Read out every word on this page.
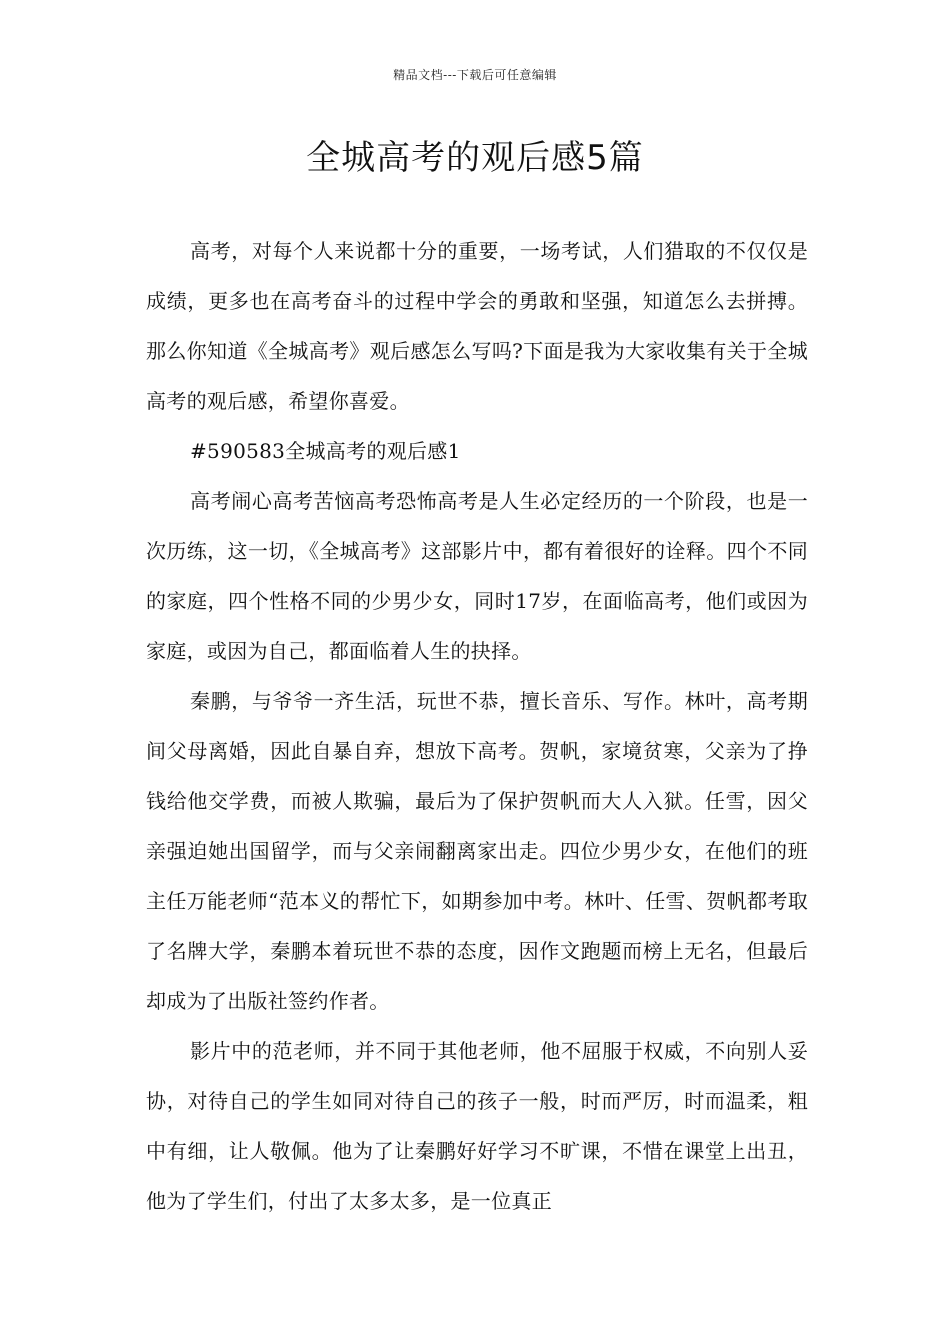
精品文档---下载后可任意编辑
全城高考的观后感5篇

高考，对每个人来说都十分的重要，一场考试，人们猎取的不仅仅是成绩，更多也在高考奋斗的过程中学会的勇敢和坚强，知道怎么去拼搏。那么你知道《全城高考》观后感怎么写吗?下面是我为大家收集有关于全城高考的观后感，希望你喜爱。

#590583全城高考的观后感1

高考闹心高考苦恼高考恐怖高考是人生必定经历的一个阶段，也是一次历练，这一切，《全城高考》这部影片中，都有着很好的诠释。四个不同的家庭，四个性格不同的少男少女，同时17岁，在面临高考，他们或因为家庭，或因为自己，都面临着人生的抉择。

秦鹏，与爷爷一齐生活，玩世不恭，擅长音乐、写作。林叶，高考期间父母离婚，因此自暴自弃，想放下高考。贺帆，家境贫寒，父亲为了挣钱给他交学费，而被人欺骗，最后为了保护贺帆而大人入狱。任雪，因父亲强迫她出国留学，而与父亲闹翻离家出走。四位少男少女，在他们的班主任万能老师“范本义的帮忙下，如期参加中考。林叶、任雪、贺帆都考取了名牌大学，秦鹏本着玩世不恭的态度，因作文跑题而榜上无名，但最后却成为了出版社签约作者。

影片中的范老师，并不同于其他老师，他不屈服于权威，不向别人妥协，对待自己的学生如同对待自己的孩子一般，时而严厉，时而温柔，粗中有细，让人敬佩。他为了让秦鹏好好学习不旷课，不惜在课堂上出丑，他为了学生们，付出了太多太多，是一位真正
